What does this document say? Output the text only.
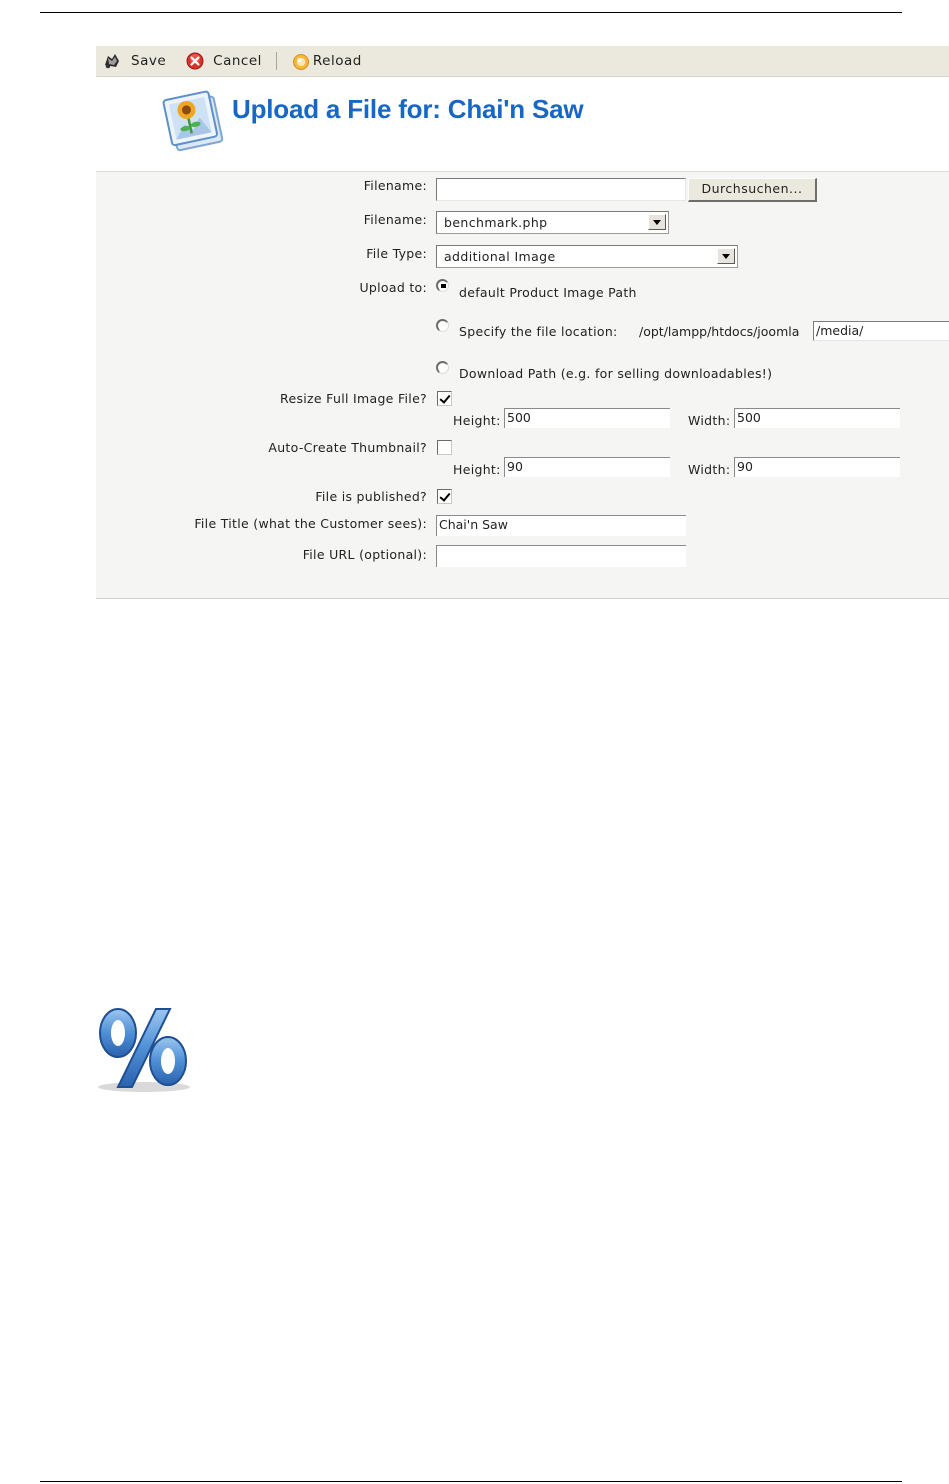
Save	Cancel	Reload
Upload a File for: Chai'n Saw
Filename:	Durchsuchen...
Filename:	benchmark.php
File Type:	additional Image
Upload to:	default Product Image Path
Specify the file location: /opt/lampp/htdocs/joomla /media/
Download Path (e.g. for selling downloadables!)
Resize Full Image File?
Height: 500	Width: 500
Auto-Create Thumbnail?
Height: 90	Width: 90
File is published?
File Title (what the Customer sees): Chai'n Saw
File URL (optional):
